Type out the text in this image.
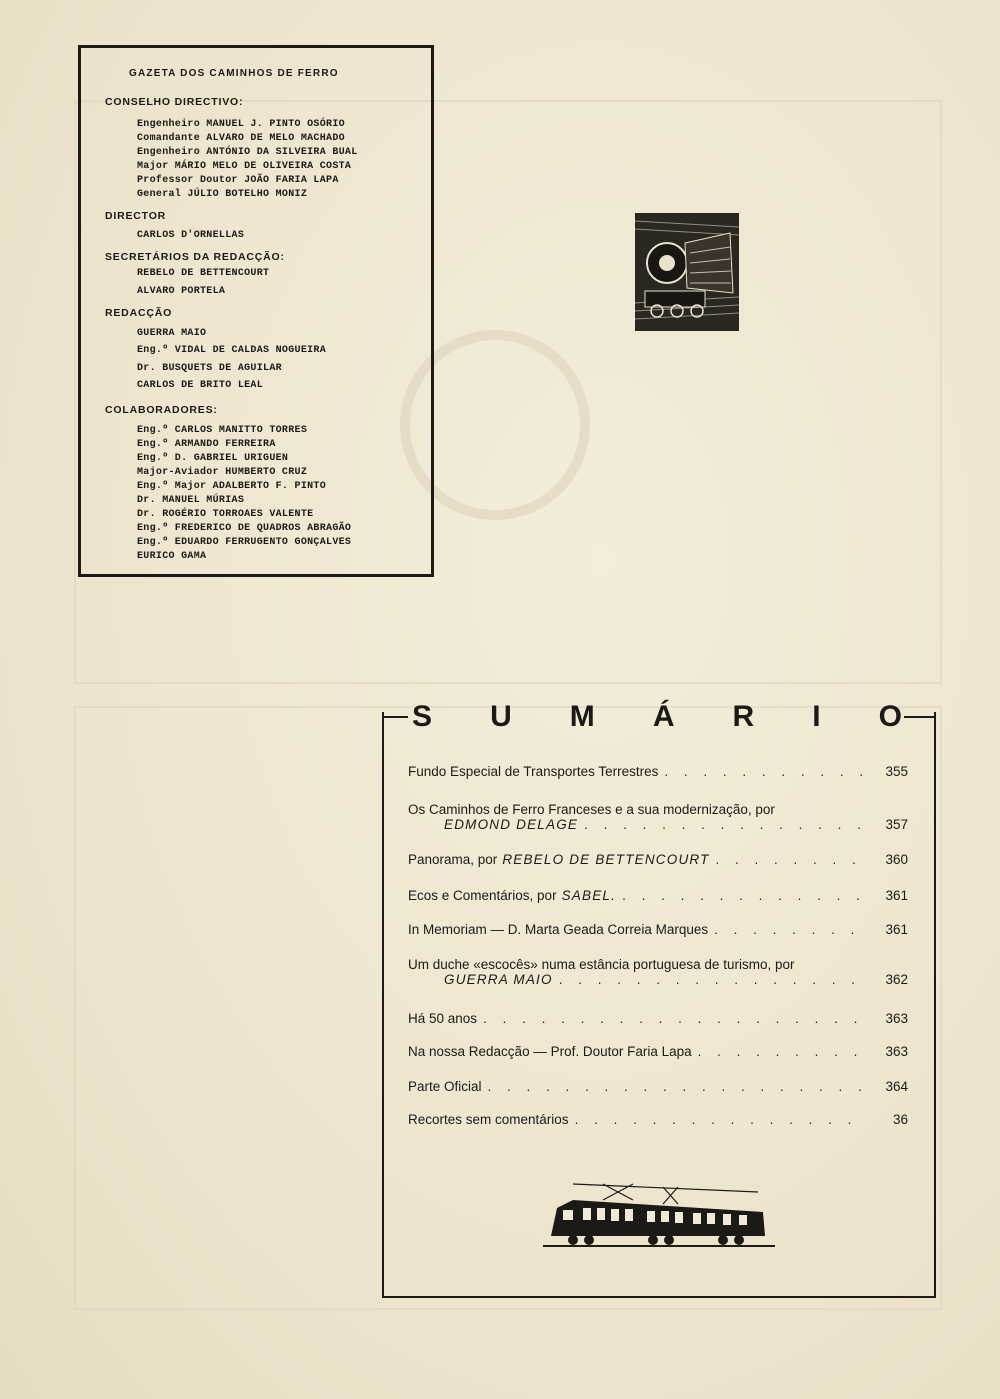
GAZETA DOS CAMINHOS DE FERRO
CONSELHO DIRECTIVO:
Engenheiro MANUEL J. PINTO OSÓRIO
Comandante ALVARO DE MELO MACHADO
Engenheiro ANTÓNIO DA SILVEIRA BUAL
Major MÁRIO MELO DE OLIVEIRA COSTA
Professor Doutor JOÃO FARIA LAPA
General JÚLIO BOTELHO MONIZ
DIRECTOR
CARLOS D'ORNELLAS
SECRETÁRIOS DA REDACÇÃO:
REBELO DE BETTENCOURT
ALVARO PORTELA
REDACÇÃO
GUERRA MAIO
Eng.º VIDAL DE CALDAS NOGUEIRA
Dr. BUSQUETS DE AGUILAR
CARLOS DE BRITO LEAL
COLABORADORES:
Eng.º CARLOS MANITTO TORRES
Eng.º ARMANDO FERREIRA
Eng.º D. GABRIEL URIGUEN
Major-Aviador HUMBERTO CRUZ
Eng.º Major ADALBERTO F. PINTO
Dr. MANUEL MÚRIAS
Dr. ROGÉRIO TORROAES VALENTE
Eng.º FREDERICO DE QUADROS ABRAGÃO
Eng.º EDUARDO FERRUGENTO GONÇALVES
EURICO GAMA
S U M Á R I O
Fundo Especial de Transportes Terrestres . . .	355
Os Caminhos de Ferro Franceses e a sua modernização, por
EDMOND DELAGE . . .	357
Panorama, por REBELO DE BETTENCOURT . . .	360
Ecos e Comentários, por SABEL. . . .	361
In Memoriam — D. Marta Geada Correia Marques . . .	361
Um duche «escocês» numa estância portuguesa de turismo, por
GUERRA MAIO . . .	362
Há 50 anos . . .	363
Na nossa Redacção — Prof. Doutor Faria Lapa . . .	363
Parte Oficial . . .	364
Recortes sem comentários . . .	36
